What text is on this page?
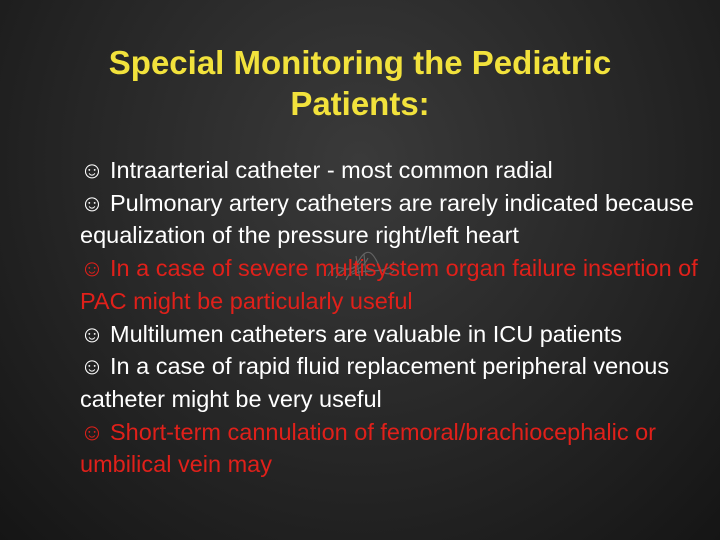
Special Monitoring the Pediatric Patients:
☺ Intraarterial catheter - most common radial
☺ Pulmonary artery catheters are rarely indicated because equalization of the pressure right/left heart
☺ In a case of severe multisystem organ failure insertion of PAC might be particularly useful
☺ Multilumen catheters are valuable in ICU patients
☺ In a case of rapid fluid replacement peripheral venous catheter might be very useful
☺ Short-term cannulation of femoral/brachiocephalic or umbilical vein may
